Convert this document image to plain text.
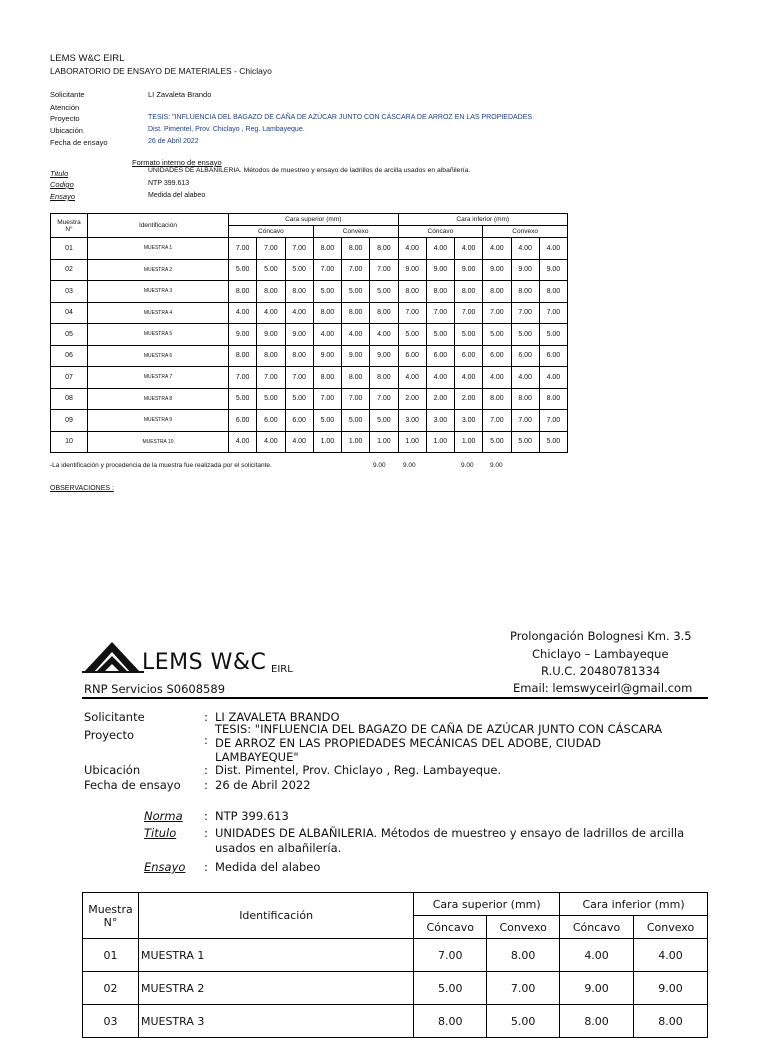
LEMS W&C EIRL
LABORATORIO DE ENSAYO DE MATERIALES - Chiclayo
Solicitante	LI Zavaleta Brando
Atención
Proyecto	TESIS: "INFLUENCIA DEL BAGAZO DE CAÑA DE AZÚCAR JUNTO CON CÁSCARA DE ARROZ EN LAS PROPIEDADES
Ubicación	Dist. Pimentel, Prov. Chiclayo , Reg. Lambayeque.
Fecha de ensayo	26 de Abril 2022
Formato interno de ensayo
Titulo	UNIDADES DE ALBAÑILERIA. Métodos de muestreo y ensayo de ladrillos de arcilla usados en albañilería.
Codigo	NTP 399.613
Ensayo	Medida del alabeo
Muestra
N°	Identificación	Cara superior (mm)						Cara inferior (mm)					
		Cóncavo			Convexo			Cóncavo			Convexo		
01	MUESTRA 1	7.00	7.00	7.00	8.00	8.00	8.00	4.00	4.00	4.00	4.00	4.00	4.00
02	MUESTRA 2	5.00	5.00	5.00	7.00	7.00	7.00	9.00	9.00	9.00	9.00	9.00	9.00
03	MUESTRA 3	8.00	8.00	8.00	5.00	5.00	5.00	8.00	8.00	8.00	8.00	8.00	8.00
04	MUESTRA 4	4.00	4.00	4.00	8.00	8.00	8.00	7.00	7.00	7.00	7.00	7.00	7.00
05	MUESTRA 5	9.00	9.00	9.00	4.00	4.00	4.00	5.00	5.00	5.00	5.00	5.00	5.00
06	MUESTRA 6	8.00	8.00	8.00	9.00	9.00	9.00	6.00	6.00	6.00	6.00	6.00	6.00
07	MUESTRA 7	7.00	7.00	7.00	8.00	8.00	8.00	4.00	4.00	4.00	4.00	4.00	4.00
08	MUESTRA 8	5.00	5.00	5.00	7.00	7.00	7.00	2.00	2.00	2.00	8.00	8.00	8.00
09	MUESTRA 9	6.00	6.00	6.00	5.00	5.00	5.00	3.00	3.00	3.00	7.00	7.00	7.00
10	MUESTRA 10	4.00	4.00	4.00	1.00	1.00	1.00	1.00	1.00	1.00	5.00	5.00	5.00
-La identificación y procedencia de la muestra fue realizada por el solicitante.	9.00	9.00	9.00	9.00
OBSERVACIONES :
LEMS W&C EIRL
RNP Servicios S0608589
Prolongación Bolognesi Km. 3.5
Chiclayo – Lambayeque
R.U.C. 20480781334
Email: lemswyceirl@gmail.com
Solicitante	: LI ZAVALETA BRANDO
Proyecto	:
TESIS: "INFLUENCIA DEL BAGAZO DE CAÑA DE AZÚCAR JUNTO CON CÁSCARA
DE ARROZ EN LAS PROPIEDADES MECÁNICAS DEL ADOBE, CIUDAD
LAMBAYEQUE"
Ubicación	: Dist. Pimentel, Prov. Chiclayo , Reg. Lambayeque.
Fecha de ensayo : 26 de Abril 2022
Norma : NTP 399.613
Titulo : UNIDADES DE ALBAÑILERIA. Métodos de muestreo y ensayo de ladrillos de arcilla
usados en albañilería.
Ensayo : Medida del alabeo
Muestra
N°	Identificación	Cara superior (mm)		Cara inferior (mm)	
		Cóncavo	Convexo	Cóncavo	Convexo
01	MUESTRA 1	7.00	8.00	4.00	4.00
02	MUESTRA 2	5.00	7.00	9.00	9.00
03	MUESTRA 3	8.00	5.00	8.00	8.00
